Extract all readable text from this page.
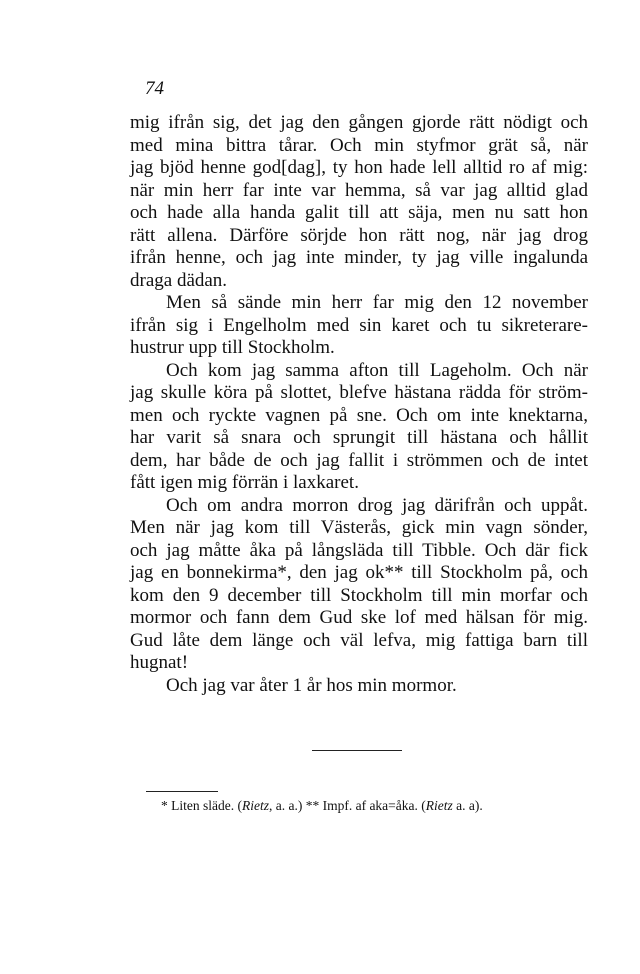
74
mig ifrån sig, det jag den gången gjorde rätt nödigt och
med mina bittra tårar. Och min styfmor grät så, när
jag bjöd henne god[dag], ty hon hade lell alltid ro af mig:
när min herr far inte var hemma, så var jag alltid glad
och hade alla handa galit till att säja, men nu satt hon
rätt allena. Därföre sörjde hon rätt nog, när jag drog
ifrån henne, och jag inte minder, ty jag ville ingalunda
draga dädan.
Men så sände min herr far mig den 12 november
ifrån sig i Engelholm med sin karet och tu sikreterare-
hustrur upp till Stockholm.
Och kom jag samma afton till Lageholm. Och när
jag skulle köra på slottet, blefve hästana rädda för ström-
men och ryckte vagnen på sne. Och om inte knektarna,
har varit så snara och sprungit till hästana och hållit
dem, har både de och jag fallit i strömmen och de intet
fått igen mig förrän i laxkaret.
Och om andra morron drog jag därifrån och uppåt.
Men när jag kom till Västerås, gick min vagn sönder,
och jag måtte åka på långsläda till Tibble. Och där fick
jag en bonnekirma*, den jag ok** till Stockholm på, och
kom den 9 december till Stockholm till min morfar och
mormor och fann dem Gud ske lof med hälsan för mig.
Gud låte dem länge och väl lefva, mig fattiga barn till
hugnat!
Och jag var åter 1 år hos min mormor.
* Liten släde. (Rietz, a. a.) ** Impf. af aka=åka. (Rietz a. a).
